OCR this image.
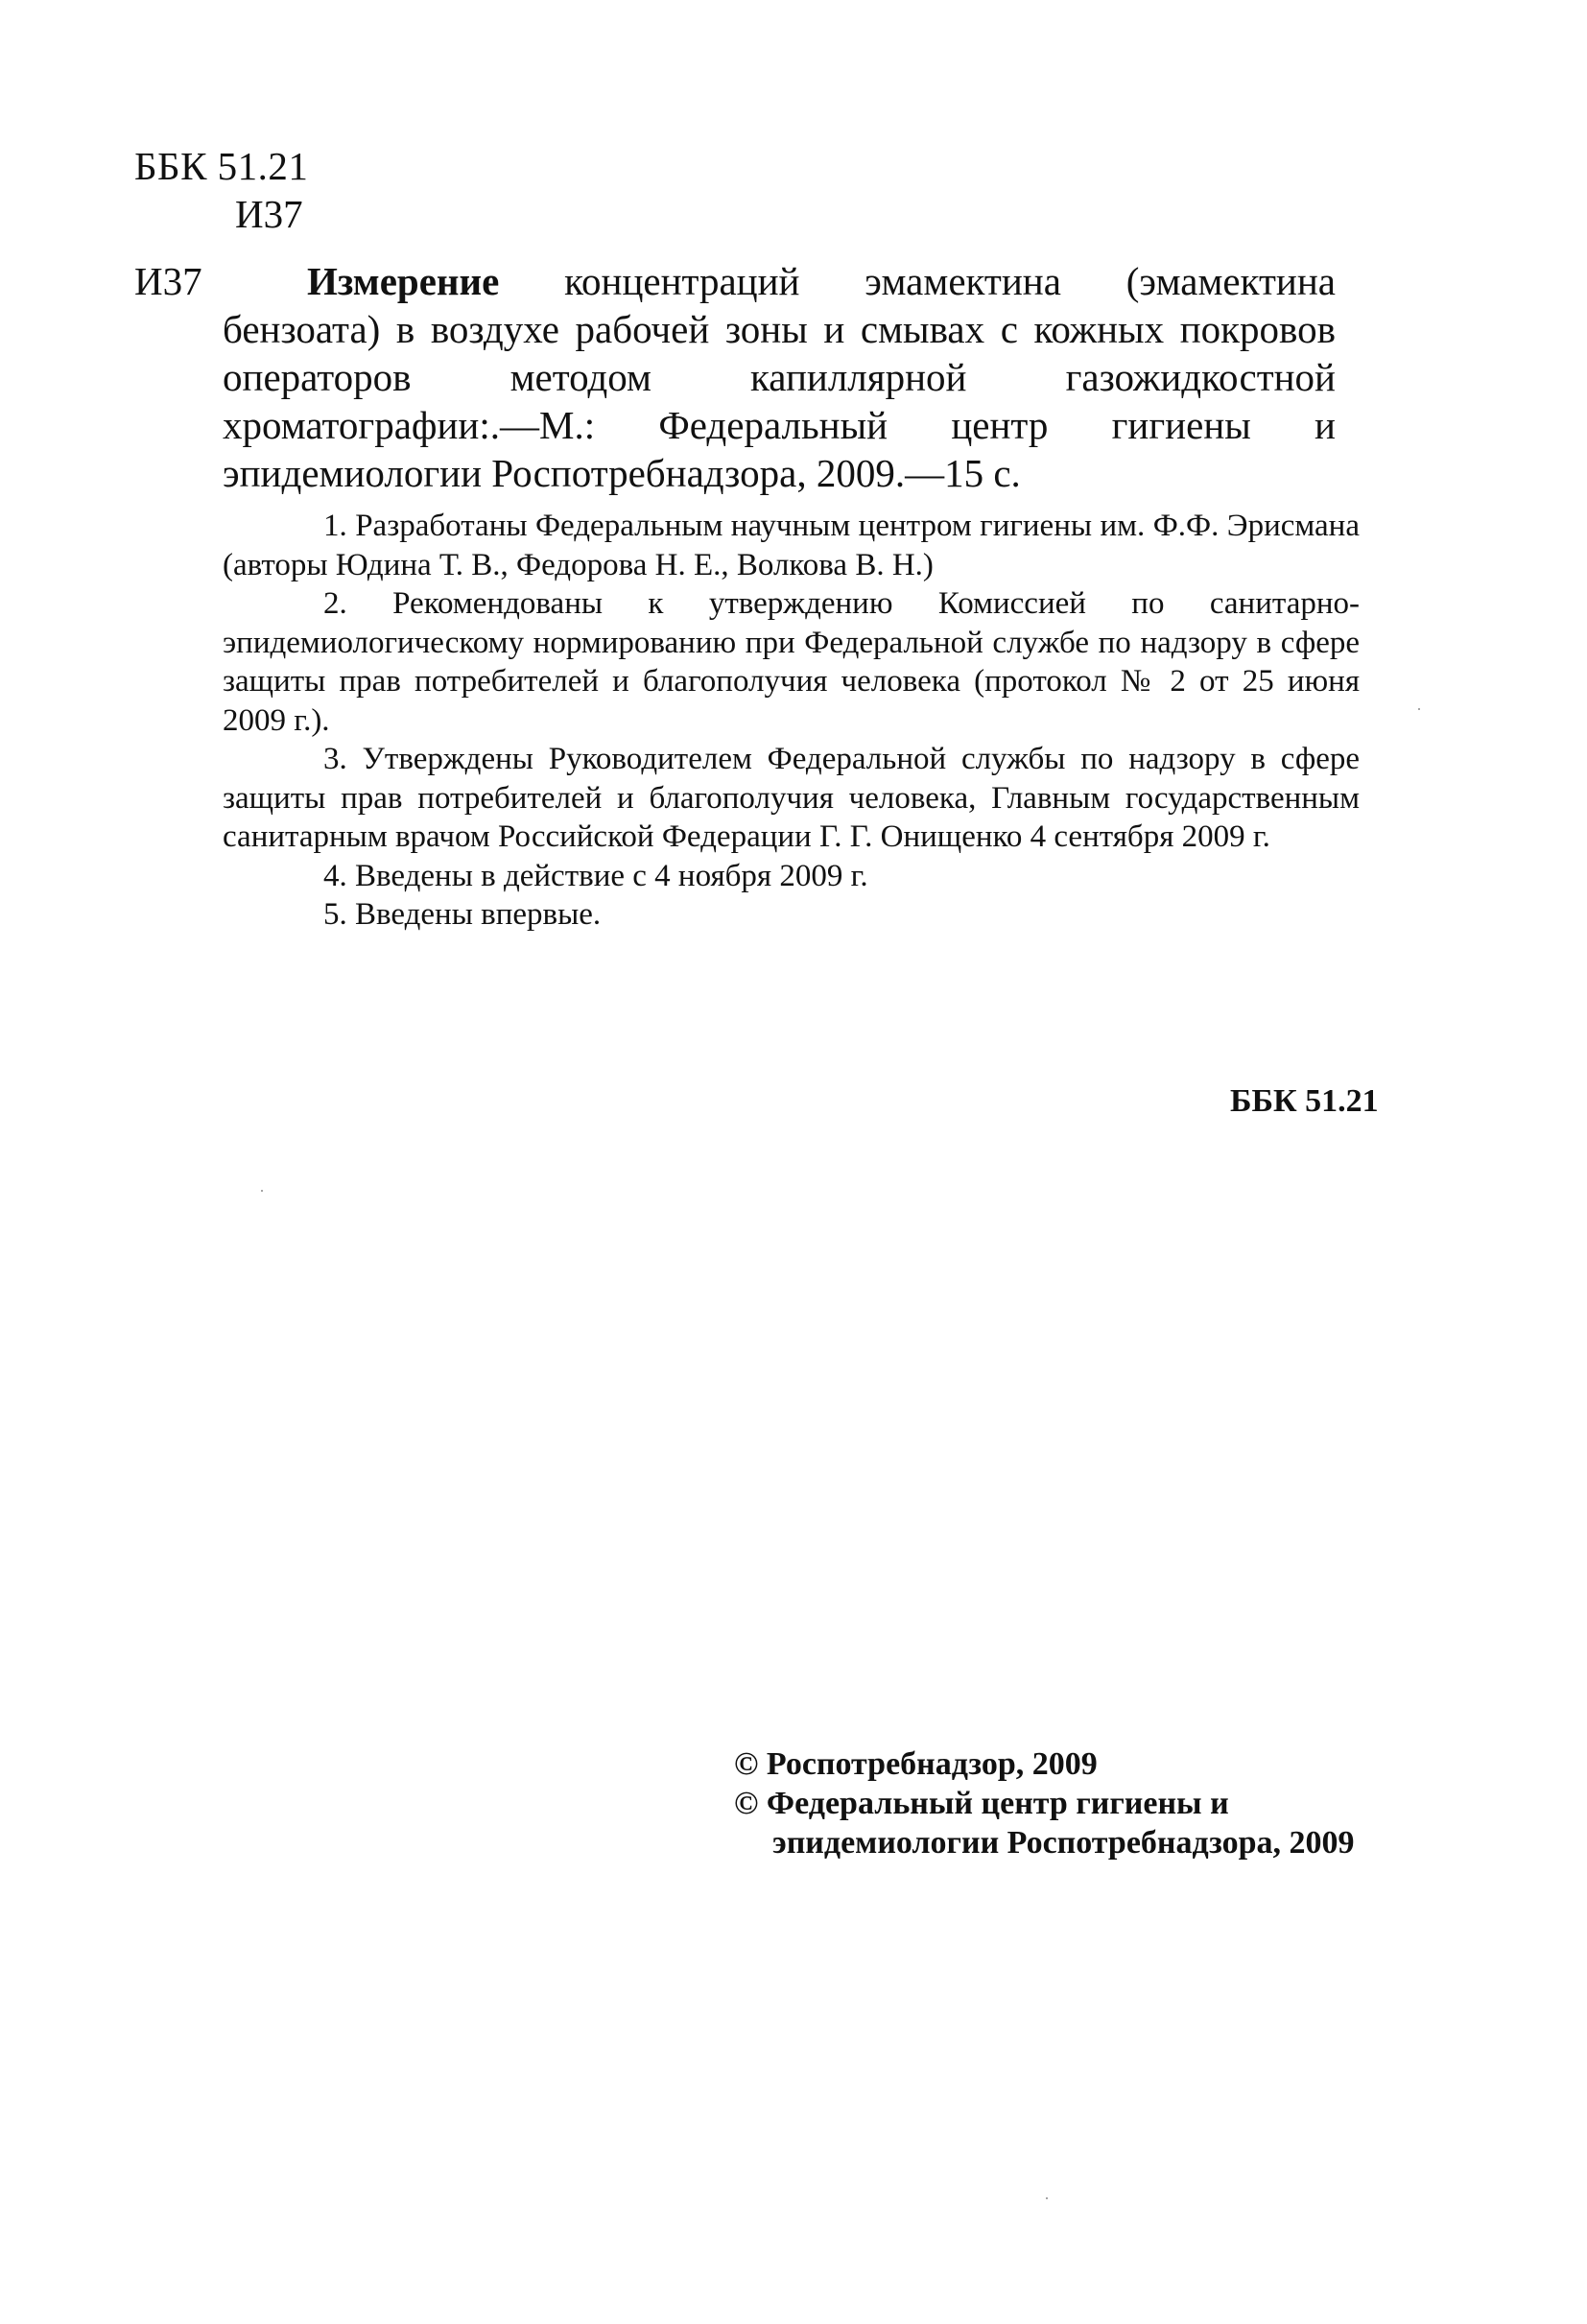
ББК 51.21
И37
И37	Измерение концентраций эмамектина (эмамектина бензоата) в воздухе рабочей зоны и смывах с кожных покровов операторов методом капиллярной газожидкостной хроматографии:.—М.: Федеральный центр гигиены и эпидемиологии Роспотребнадзора, 2009.—15 с.

1. Разработаны Федеральным научным центром гигиены им. Ф.Ф. Эрисмана (авторы Юдина Т. В., Федорова Н. Е., Волкова В. Н.)

2. Рекомендованы к утверждению Комиссией по санитарно- эпидемиологическому нормированию при Федеральной службе по надзору в сфере защиты прав потребителей и благополучия человека (протокол № 2 от 25 июня 2009 г.).

3. Утверждены Руководителем Федеральной службы по надзору в сфере защиты прав потребителей и благополучия человека, Главным государственным санитарным врачом Российской Федерации Г. Г. Онищенко 4 сентября 2009 г.

4. Введены в действие с 4 ноября 2009 г.

5. Введены впервые.

ББК 51.21
© Роспотребнадзор, 2009
© Федеральный центр гигиены и
эпидемиологии Роспотребнадзора, 2009
